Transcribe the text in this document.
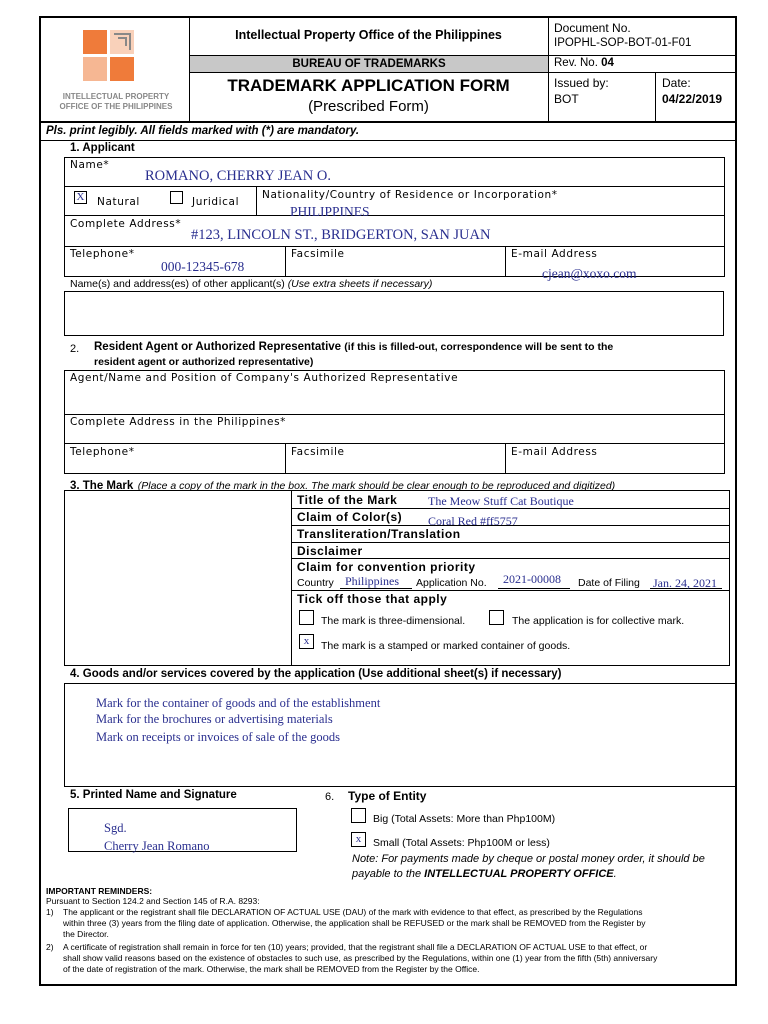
INTELLECTUAL PROPERTY
OFFICE OF THE PHILIPPINES
Intellectual Property Office of the Philippines
BUREAU OF TRADEMARKS
TRADEMARK APPLICATION FORM
(Prescribed Form)
Document No.
IPOPHL-SOP-BOT-01-F01
Rev. No. 04
Issued by:
BOT
Date:
04/22/2019
Pls. print legibly. All fields marked with (*) are mandatory.
1. Applicant
Name*
ROMANO, CHERRY JEAN O.
X Natural	Juridical
Nationality/Country of Residence or Incorporation*
PHILIPPINES
Complete Address*
#123, LINCOLN ST., BRIDGERTON, SAN JUAN
Telephone*
000-12345-678
Facsimile	E-mail Address
cjean@xoxo.com
Name(s) and address(es) of other applicant(s) (Use extra sheets if necessary)
2. Resident Agent or Authorized Representative (if this is filled-out, correspondence will be sent to the
resident agent or authorized representative)
Agent/Name and Position of Company's Authorized Representative
Complete Address in the Philippines*
Telephone*	Facsimile	E-mail Address
3. The Mark (Place a copy of the mark in the box. The mark should be clear enough to be reproduced and digitized)
Title of the Mark	The Meow Stuff Cat Boutique
Claim of Color(s) Coral Red #ff5757
Transliteration/Translation
Disclaimer
Claim for convention priority
Country Philippines Application No. 2021-00008 Date of Filing Jan. 24, 2021
Tick off those that apply
The mark is three-dimensional.	The application is for collective mark.
x	The mark is a stamped or marked container of goods.
4. Goods and/or services covered by the application (Use additional sheet(s) if necessary)
Mark for the container of goods and of the establishment
Mark for the brochures or advertising materials
Mark on receipts or invoices of sale of the goods
5. Printed Name and Signature
Sgd.
Cherry Jean Romano
6. Type of Entity
Big (Total Assets: More than Php100M)
x	Small (Total Assets: Php100M or less)
Note: For payments made by cheque or postal money order, it should be
payable to the INTELLECTUAL PROPERTY OFFICE.
IMPORTANT REMINDERS:
Pursuant to Section 124.2 and Section 145 of R.A. 8293:
1) The applicant or the registrant shall file DECLARATION OF ACTUAL USE (DAU) of the mark with evidence to that effect, as prescribed by the Regulations
within three (3) years from the filing date of application. Otherwise, the application shall be REFUSED or the mark shall be REMOVED from the Register by
the Director.
2) A certificate of registration shall remain in force for ten (10) years; provided, that the registrant shall file a DECLARATION OF ACTUAL USE to that effect, or
shall show valid reasons based on the existence of obstacles to such use, as prescribed by the Regulations, within one (1) year from the fifth (5th) anniversary
of the date of registration of the mark. Otherwise, the mark shall be REMOVED from the Register by the Office.
